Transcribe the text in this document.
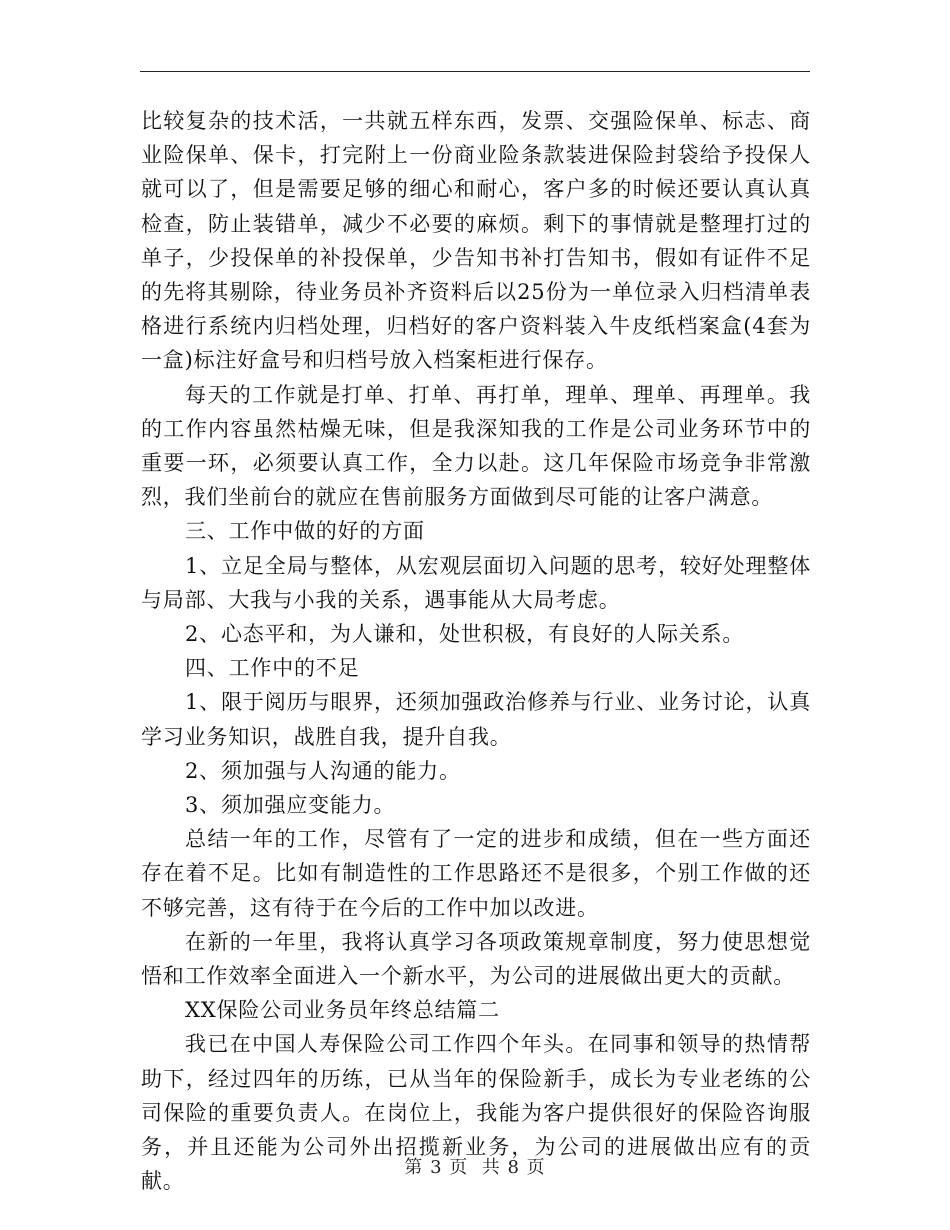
比较复杂的技术活，一共就五样东西，发票、交强险保单、标志、商业险保单、保卡，打完附上一份商业险条款装进保险封袋给予投保人就可以了，但是需要足够的细心和耐心，客户多的时候还要认真认真检查，防止装错单，减少不必要的麻烦。剩下的事情就是整理打过的单子，少投保单的补投保单，少告知书补打告知书，假如有证件不足的先将其剔除，待业务员补齐资料后以25份为一单位录入归档清单表格进行系统内归档处理，归档好的客户资料装入牛皮纸档案盒(4套为一盒)标注好盒号和归档号放入档案柜进行保存。

每天的工作就是打单、打单、再打单，理单、理单、再理单。我的工作内容虽然枯燥无味，但是我深知我的工作是公司业务环节中的重要一环，必须要认真工作，全力以赴。这几年保险市场竞争非常激烈，我们坐前台的就应在售前服务方面做到尽可能的让客户满意。

三、工作中做的好的方面

1、立足全局与整体，从宏观层面切入问题的思考，较好处理整体与局部、大我与小我的关系，遇事能从大局考虑。

2、心态平和，为人谦和，处世积极，有良好的人际关系。

四、工作中的不足

1、限于阅历与眼界，还须加强政治修养与行业、业务讨论，认真学习业务知识，战胜自我，提升自我。

2、须加强与人沟通的能力。

3、须加强应变能力。

总结一年的工作，尽管有了一定的进步和成绩，但在一些方面还存在着不足。比如有制造性的工作思路还不是很多，个别工作做的还不够完善，这有待于在今后的工作中加以改进。

在新的一年里，我将认真学习各项政策规章制度，努力使思想觉悟和工作效率全面进入一个新水平，为公司的进展做出更大的贡献。

XX保险公司业务员年终总结篇二

我已在中国人寿保险公司工作四个年头。在同事和领导的热情帮助下，经过四年的历练，已从当年的保险新手，成长为专业老练的公司保险的重要负责人。在岗位上，我能为客户提供很好的保险咨询服务，并且还能为公司外出招揽新业务，为公司的进展做出应有的贡献。

第 3 页  共 8 页
